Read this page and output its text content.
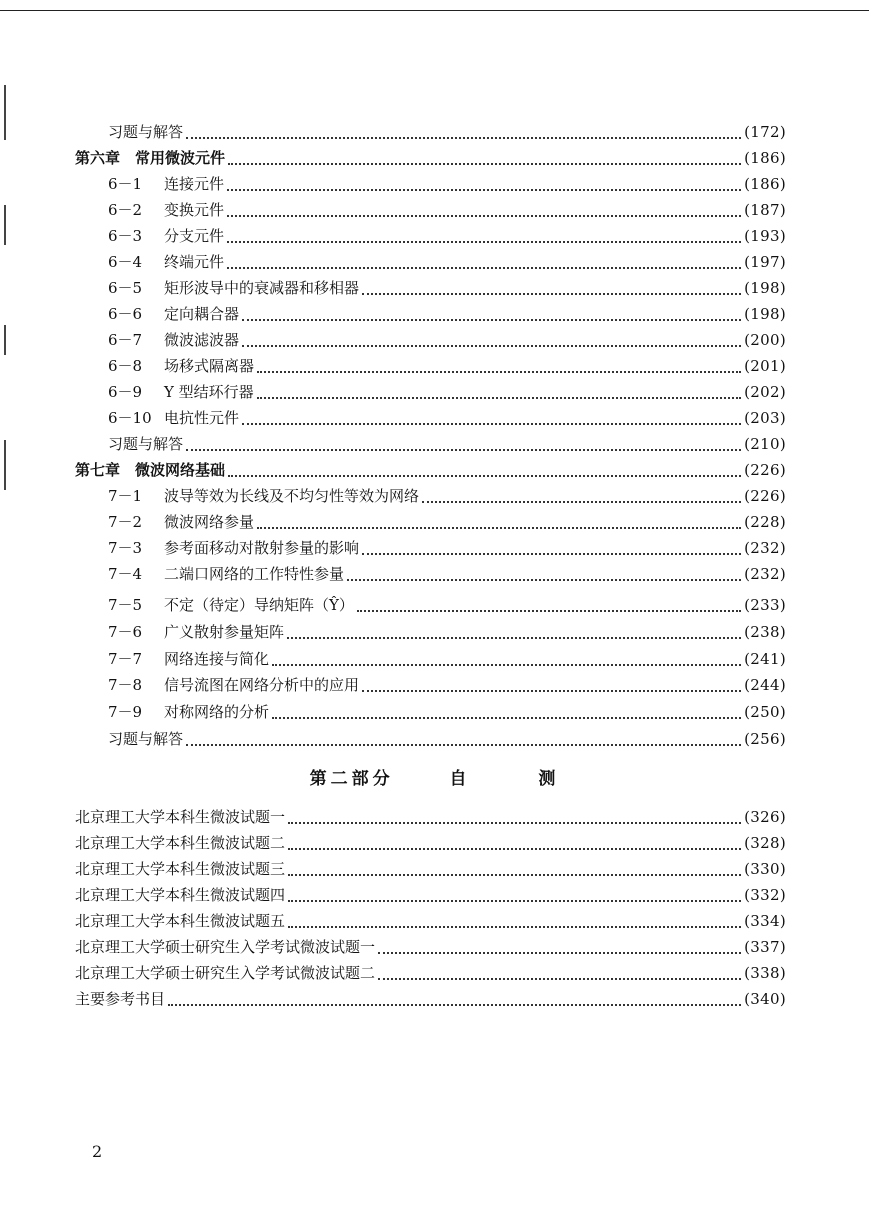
习题与解答	(172)
第六章　常用微波元件	(186)
6－1	连接元件	(186)
6－2	变换元件	(187)
6－3	分支元件	(193)
6－4	终端元件	(197)
6－5	矩形波导中的衰减器和移相器	(198)
6－6	定向耦合器	(198)
6－7	微波滤波器	(200)
6－8	场移式隔离器	(201)
6－9	Y 型结环行器	(202)
6－10 电抗性元件	(203)
习题与解答	(210)
第七章　微波网络基础	(226)
7－1	波导等效为长线及不均匀性等效为网络	(226)
7－2	微波网络参量	(228)
7－3	参考面移动对散射参量的影响	(232)
7－4	二端口网络的工作特性参量	(232)
7－5	不定（待定）导纳矩阵（Ŷ）	(233)
7－6	广义散射参量矩阵	(238)
7－7	网络连接与简化	(241)
7－8	信号流图在网络分析中的应用	(244)
7－9	对称网络的分析	(250)
习题与解答	(256)
第二部分	自	测
北京理工大学本科生微波试题一	(326)
北京理工大学本科生微波试题二	(328)
北京理工大学本科生微波试题三	(330)
北京理工大学本科生微波试题四	(332)
北京理工大学本科生微波试题五	(334)
北京理工大学硕士研究生入学考试微波试题一	(337)
北京理工大学硕士研究生入学考试微波试题二	(338)
主要参考书目	(340)
2
